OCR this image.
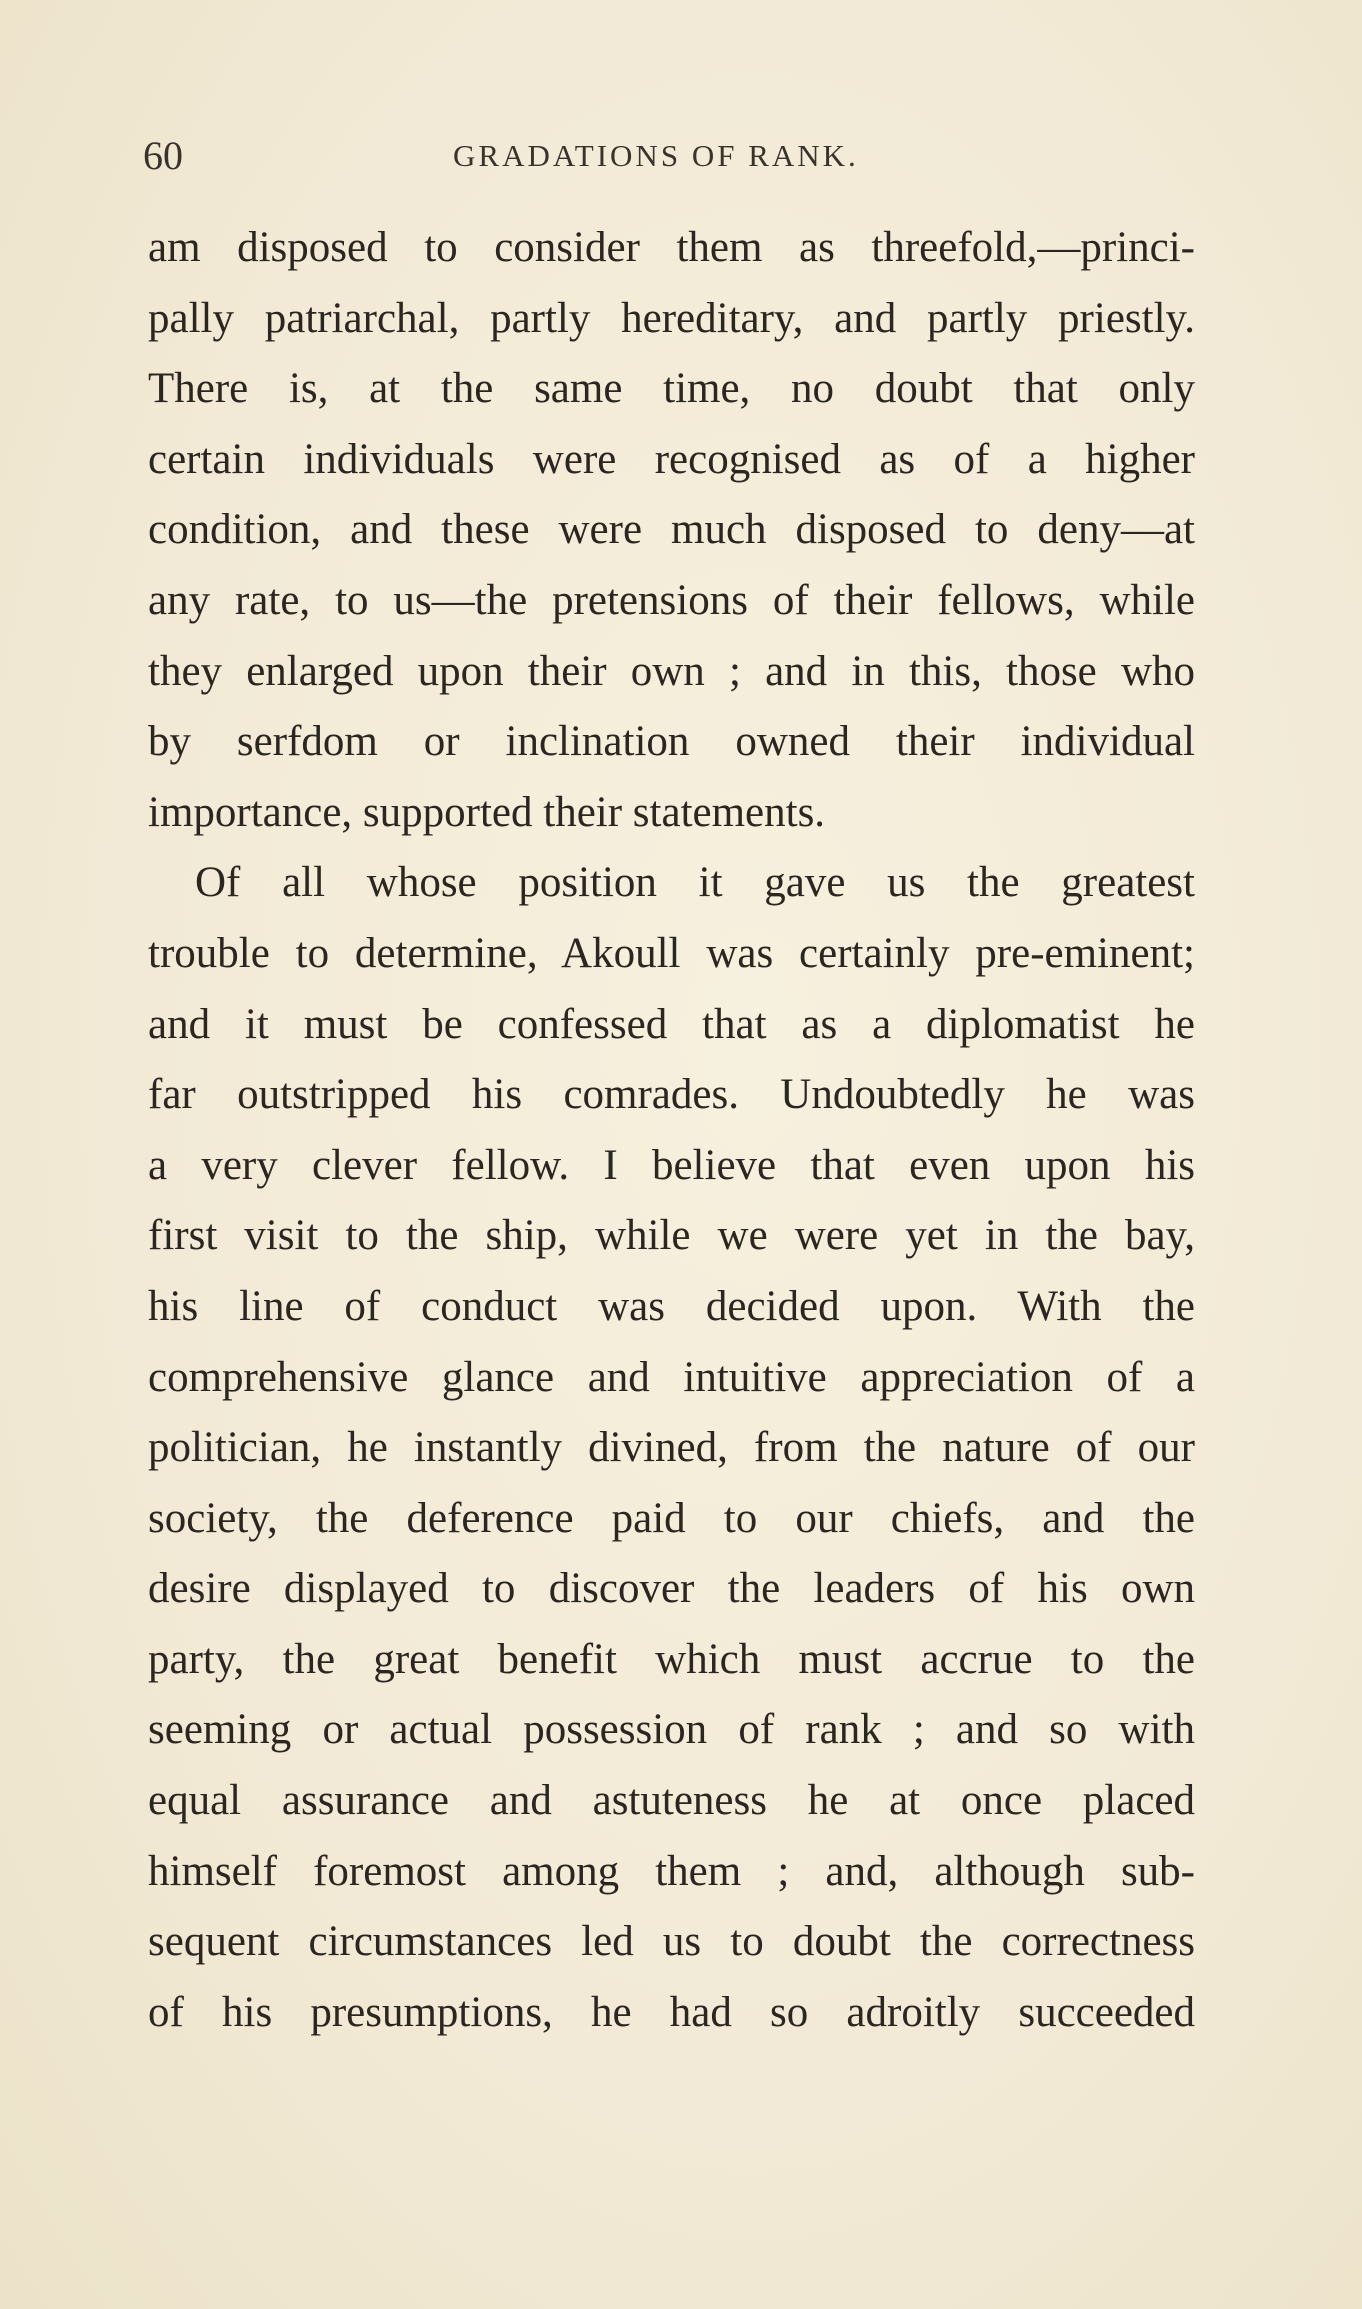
60	GRADATIONS OF RANK.
am disposed to consider them as threefold,—princi-
pally patriarchal, partly hereditary, and partly priestly.
There is, at the same time, no doubt that only
certain individuals were recognised as of a higher
condition, and these were much disposed to deny—at
any rate, to us—the pretensions of their fellows, while
they enlarged upon their own ; and in this, those who
by serfdom or inclination owned their individual
importance, supported their statements.
Of all whose position it gave us the greatest
trouble to determine, Akoull was certainly pre-eminent;
and it must be confessed that as a diplomatist he
far outstripped his comrades. Undoubtedly he was
a very clever fellow. I believe that even upon his
first visit to the ship, while we were yet in the bay,
his line of conduct was decided upon. With the
comprehensive glance and intuitive appreciation of a
politician, he instantly divined, from the nature of our
society, the deference paid to our chiefs, and the
desire displayed to discover the leaders of his own
party, the great benefit which must accrue to the
seeming or actual possession of rank ; and so with
equal assurance and astuteness he at once placed
himself foremost among them ; and, although sub-
sequent circumstances led us to doubt the correctness
of his presumptions, he had so adroitly succeeded
